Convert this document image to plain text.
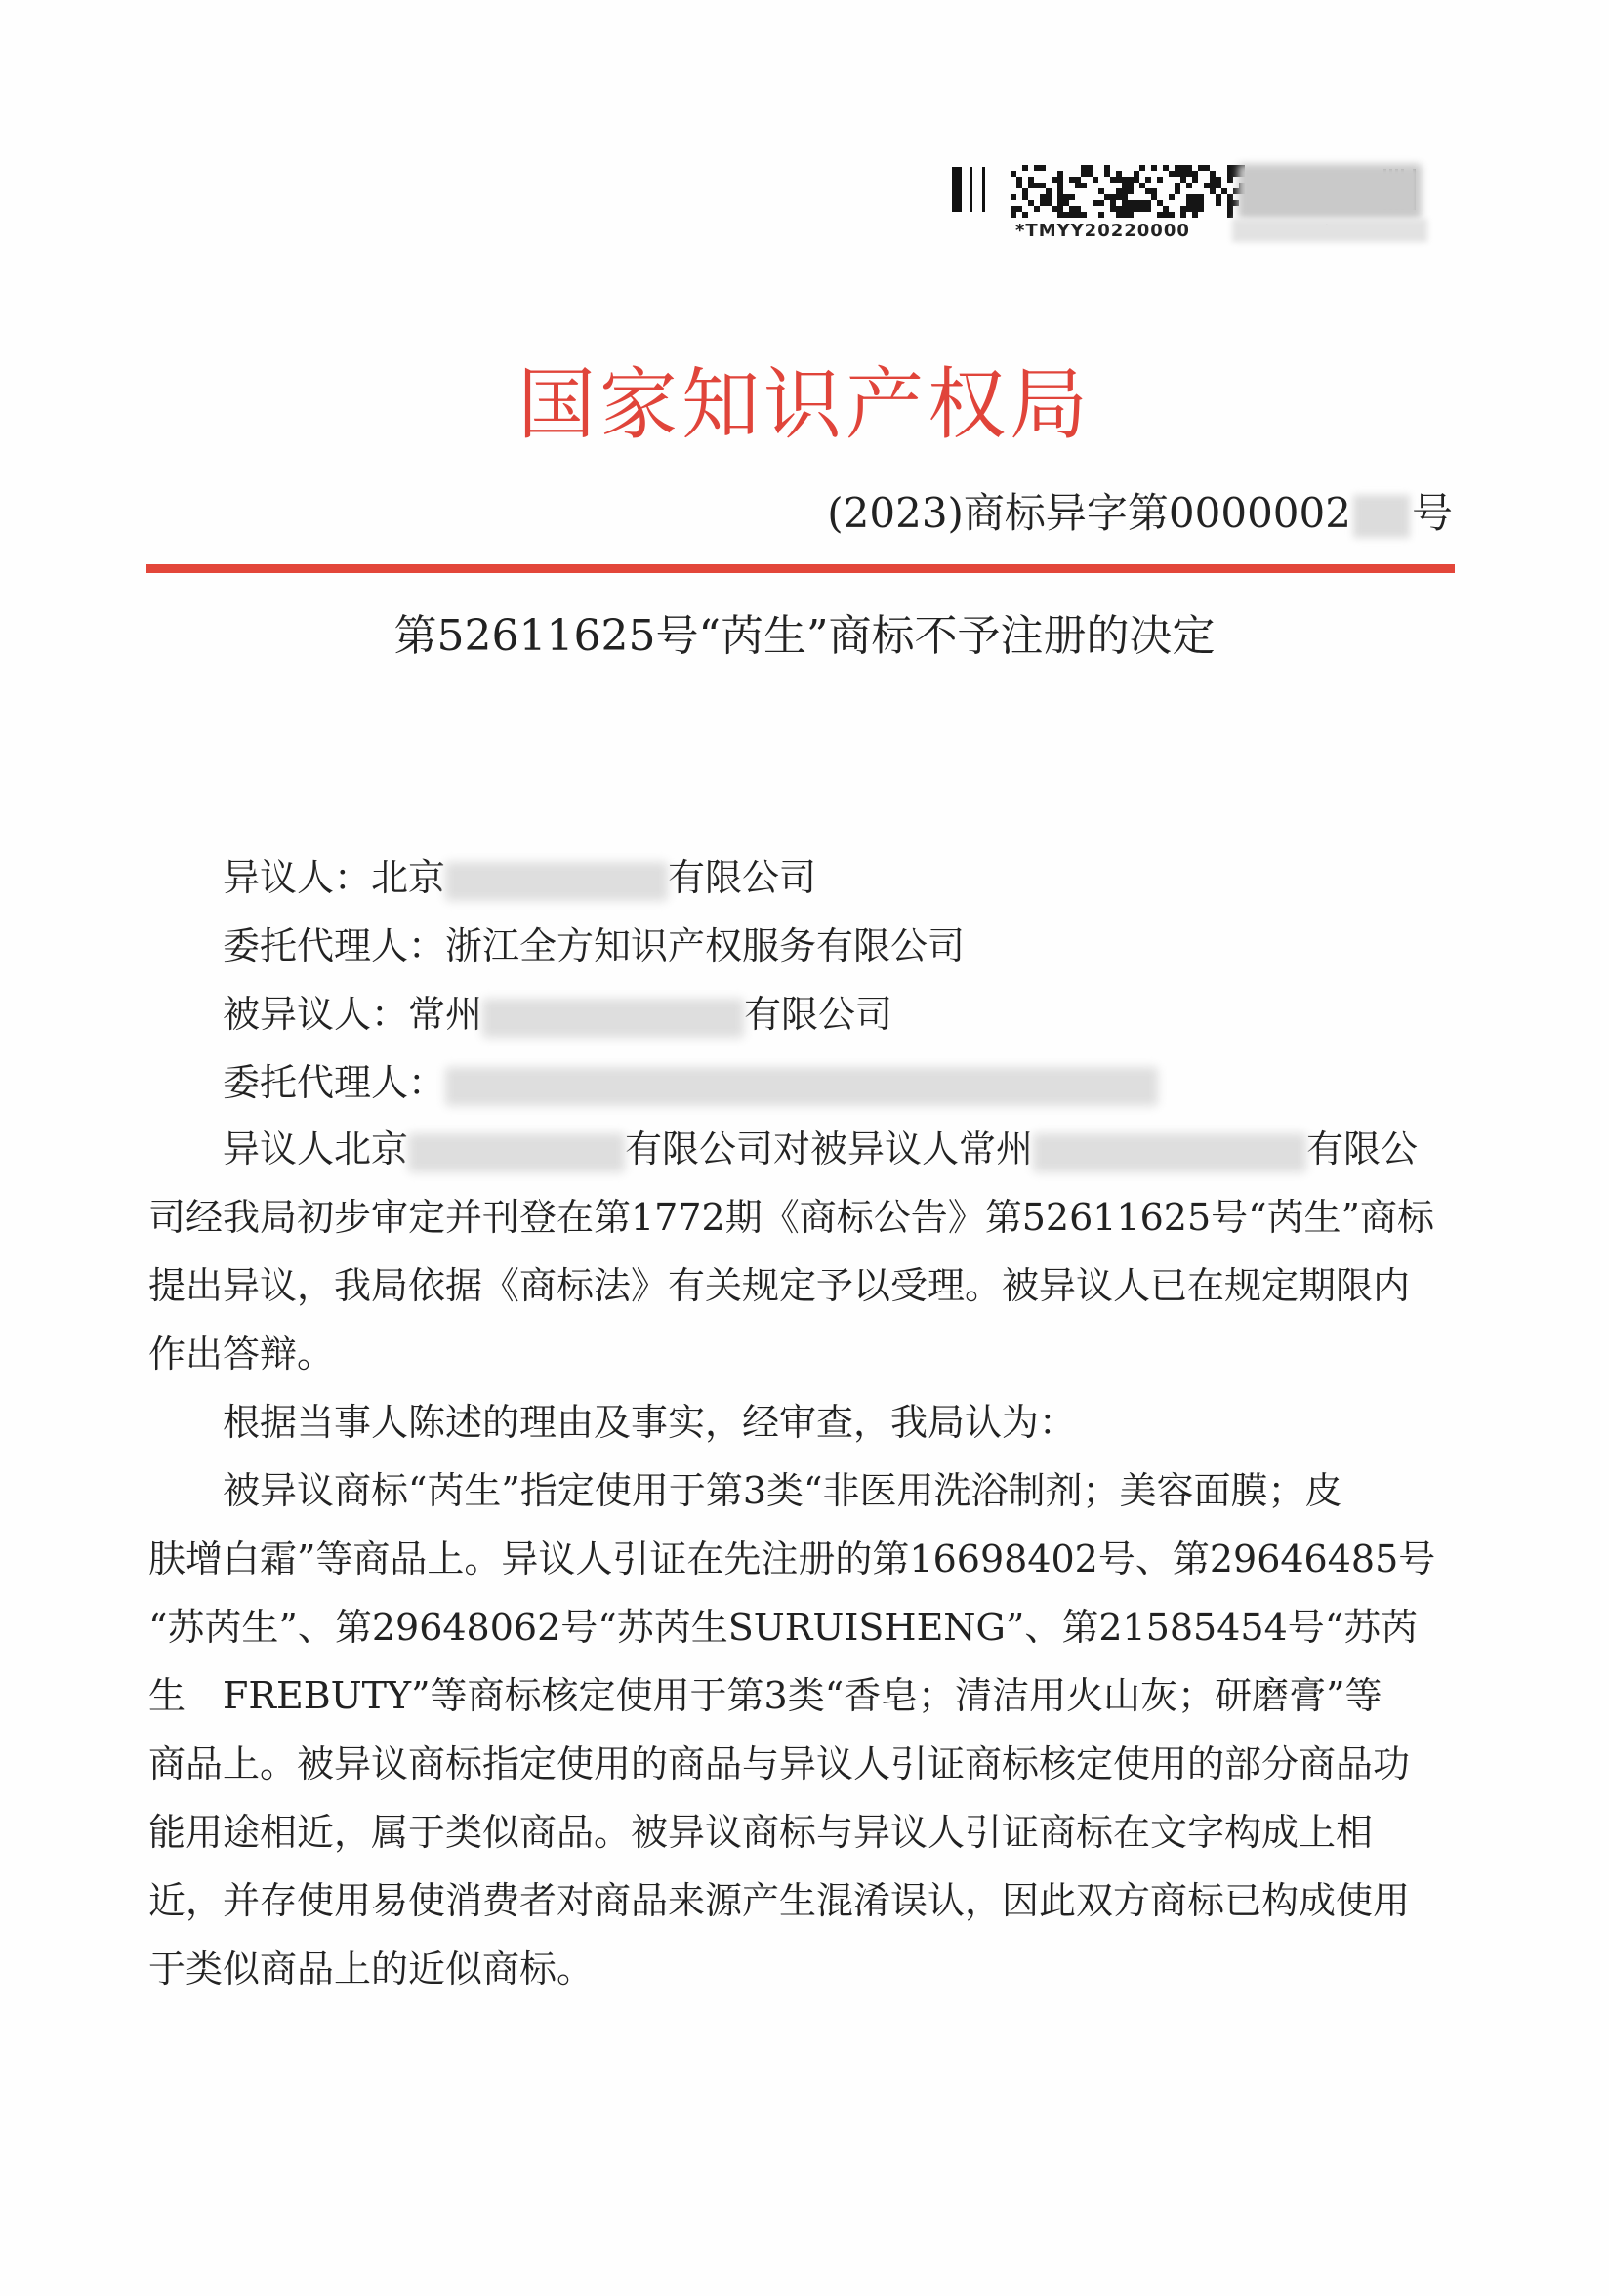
*TMYY20220000
国家知识产权局
(2023)商标异字第0000002 号
第52611625号“芮生”商标不予注册的决定
异议人：北京	有限公司
委托代理人：浙江全方知识产权服务有限公司
被异议人：常州	有限公司
委托代理人：
异议人北京	有限公司对被异议人常州	有限公
司经我局初步审定并刊登在第1772期《商标公告》第52611625号“芮生”商标
提出异议，我局依据《商标法》有关规定予以受理。被异议人已在规定期限内
作出答辩。
根据当事人陈述的理由及事实，经审查，我局认为：
被异议商标“芮生”指定使用于第3类“非医用洗浴制剂；美容面膜；皮
肤增白霜”等商品上。异议人引证在先注册的第16698402号、第29646485号
“苏芮生”、第29648062号“苏芮生SURUISHENG”、第21585454号“苏芮
生　FREBUTY”等商标核定使用于第3类“香皂；清洁用火山灰；研磨膏”等
商品上。被异议商标指定使用的商品与异议人引证商标核定使用的部分商品功
能用途相近，属于类似商品。被异议商标与异议人引证商标在文字构成上相
近，并存使用易使消费者对商品来源产生混淆误认，因此双方商标已构成使用
于类似商品上的近似商标。
